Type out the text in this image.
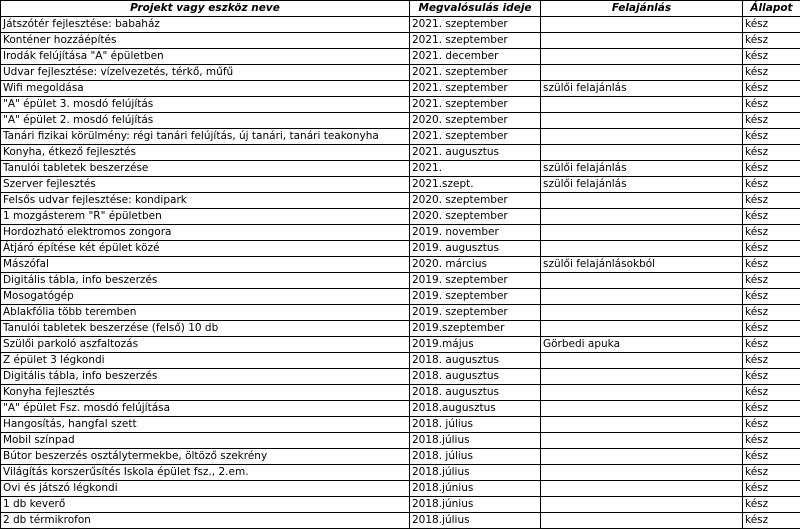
Projekt vagy eszköz neve	Megvalósulás ideje	Felajánlás	Állapot
Játszótér fejlesztése: babaház	2021. szeptember		kész
Konténer hozzáépítés	2021. szeptember		kész
Irodák felújítása "A" épületben	2021. december		kész
Udvar fejlesztése: vízelvezetés, térkő, műfű	2021. szeptember		kész
Wifi megoldása	2021. szeptember	szülői felajánlás	kész
"A" épület 3. mosdó felújítás	2021. szeptember		kész
"A" épület 2. mosdó felújítás	2020. szeptember		kész
Tanári fizikai körülmény: régi tanári felújítás, új tanári, tanári teakonyha	2021. szeptember		kész
Konyha, étkező fejlesztés	2021. augusztus		kész
Tanulói tabletek beszerzése	2021.	szülői felajánlás	kész
Szerver fejlesztés	2021.szept.	szülői felajánlás	kész
Felsős udvar fejlesztése: kondipark	2020. szeptember		kész
1 mozgásterem "R" épületben	2020. szeptember		kész
Hordozható elektromos zongora	2019. november		kész
Átjáró építése két épület közé	2019. augusztus		kész
Mászófal	2020. március	szülői felajánlásokból	kész
Digitális tábla, info beszerzés	2019. szeptember		kész
Mosogatógép	2019. szeptember		kész
Ablakfólia több teremben	2019. szeptember		kész
Tanulói tabletek beszerzése (felső) 10 db	2019.szeptember		kész
Szülői parkoló aszfaltozás	2019.május	Görbedi apuka	kész
Z épület 3 légkondi	2018. augusztus		kész
Digitális tábla, info beszerzés	2018. augusztus		kész
Konyha fejlesztés	2018. augusztus		kész
"A" épület Fsz. mosdó felújítása	2018.augusztus		kész
Hangosítás, hangfal szett	2018. július		kész
Mobil színpad	2018.július		kész
Bútor beszerzés osztálytermekbe, öltöző szekrény	2018. július		kész
Világítás korszerűsítés Iskola épület fsz., 2.em.	2018.július		kész
Ovi és játszó légkondi	2018.június		kész
1 db keverő	2018.június		kész
2 db térmikrofon	2018.július		kész
